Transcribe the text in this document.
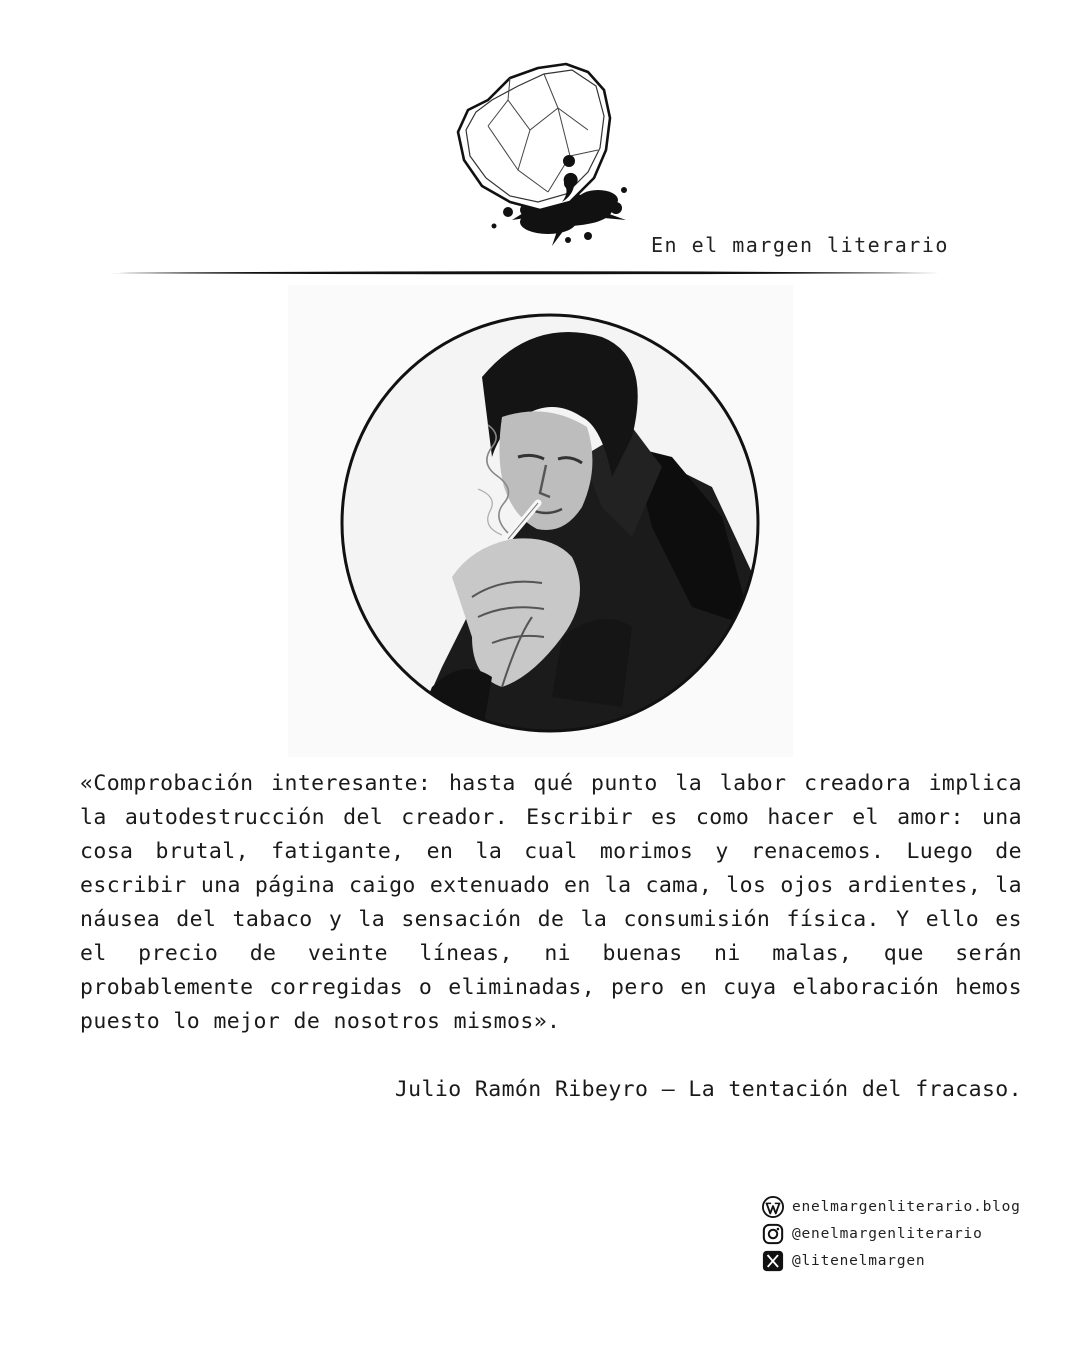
En el margen literario

«Comprobación interesante: hasta qué punto la labor creadora implica la autodestrucción del creador. Escribir es como hacer el amor: una cosa brutal, fatigante, en la cual morimos y renacemos. Luego de escribir una página caigo extenuado en la cama, los ojos ardientes, la náusea del tabaco y la sensación de la consumisión física. Y ello es el precio de veinte líneas, ni buenas ni malas, que serán probablemente corregidas o eliminadas, pero en cuya elaboración hemos puesto lo mejor de nosotros mismos».

Julio Ramón Ribeyro — La tentación del fracaso.
enelmargenliterario.blog
@enelmargenliterario
@litenelmargen
